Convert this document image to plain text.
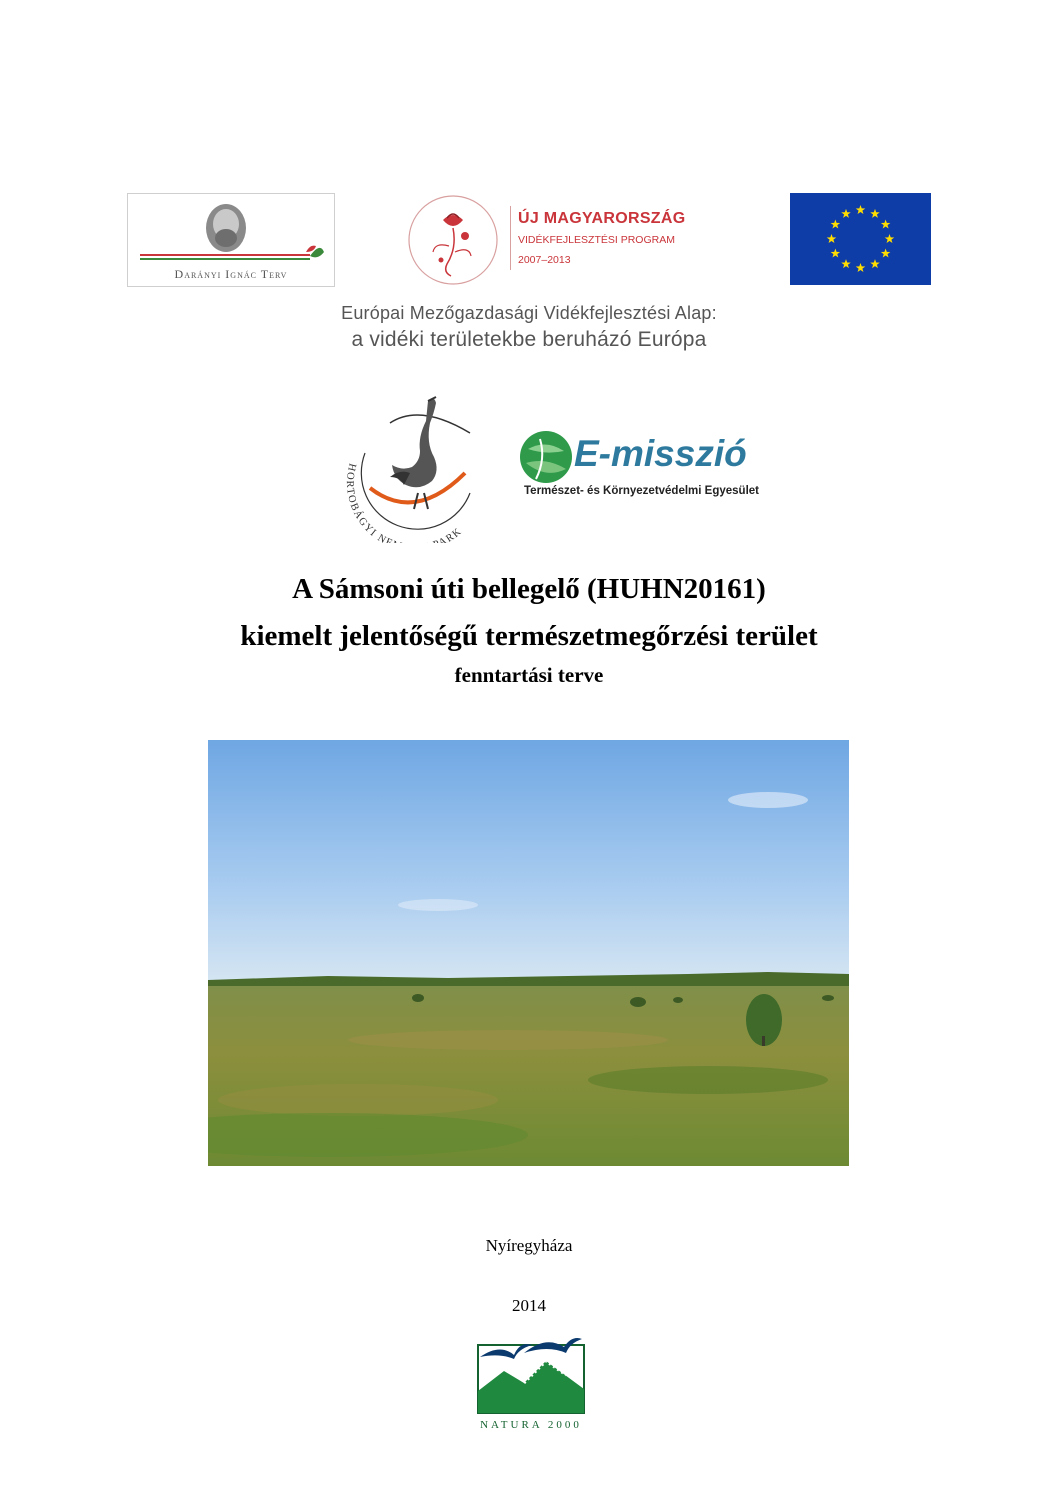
Darányi Ignác Terv
ÚJ MAGYARORSZÁG
VIDÉKFEJLESZTÉSI PROGRAM
2007–2013
Európai Mezőgazdasági Vidékfejlesztési Alap:
a vidéki területekbe beruházó Európa
HORTOBÁGYI N ARK
E-misszió
Természet- és Környezetvédelmi Egyesület
A Sámsoni úti bellegelő (HUHN20161)
kiemelt jelentőségű természetmegőrzési terület
fenntartási terve
Nyíregyháza
2014
NATURA 2000
